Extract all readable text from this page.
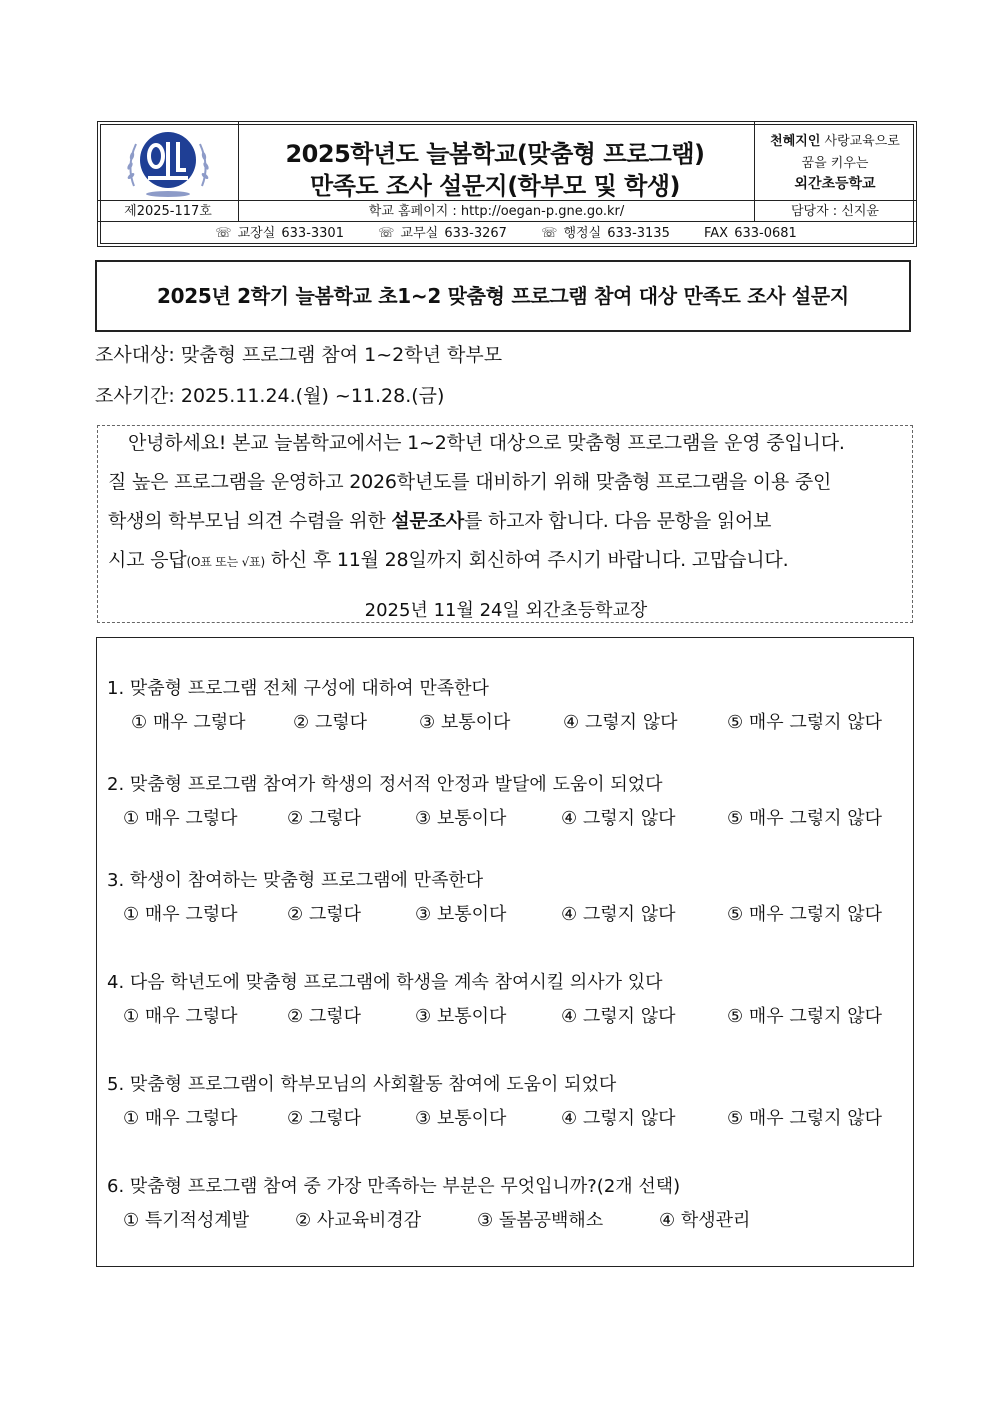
2025학년도 늘봄학교(맞춤형 프로그램)
만족도 조사 설문지(학부모 및 학생)
천혜지인 사랑교육으로
꿈을 키우는
외간초등학교
제2025-117호	학교 홈페이지 : http://oegan-p.gne.go.kr/	담당자 : 신지윤
☏ 교장실 633-3301	☏ 교무실 633-3267	☏ 행정실 633-3135	FAX 633-0681
2025년 2학기 늘봄학교 초1~2 맞춤형 프로그램 참여 대상 만족도 조사 설문지
조사대상: 맞춤형 프로그램 참여 1~2학년 학부모
조사기간: 2025.11.24.(월) ~11.28.(금)
안녕하세요! 본교 늘봄학교에서는 1~2학년 대상으로 맞춤형 프로그램을 운영 중입니다.
질 높은 프로그램을 운영하고 2026학년도를 대비하기 위해 맞춤형 프로그램을 이용 중인
학생의 학부모님 의견 수렴을 위한 설문조사를 하고자 합니다. 다음 문항을 읽어보
시고 응답(O표 또는 √표) 하신 후 11월 28일까지 회신하여 주시기 바랍니다. 고맙습니다.
2025년 11월 24일 외간초등학교장
1. 맞춤형 프로그램 전체 구성에 대하여 만족한다
① 매우 그렇다	② 그렇다	③ 보통이다	④ 그렇지 않다	⑤ 매우 그렇지 않다
2. 맞춤형 프로그램 참여가 학생의 정서적 안정과 발달에 도움이 되었다
① 매우 그렇다	② 그렇다	③ 보통이다	④ 그렇지 않다	⑤ 매우 그렇지 않다
3. 학생이 참여하는 맞춤형 프로그램에 만족한다
① 매우 그렇다	② 그렇다	③ 보통이다	④ 그렇지 않다	⑤ 매우 그렇지 않다
4. 다음 학년도에 맞춤형 프로그램에 학생을 계속 참여시킬 의사가 있다
① 매우 그렇다	② 그렇다	③ 보통이다	④ 그렇지 않다	⑤ 매우 그렇지 않다
5. 맞춤형 프로그램이 학부모님의 사회활동 참여에 도움이 되었다
① 매우 그렇다	② 그렇다	③ 보통이다	④ 그렇지 않다	⑤ 매우 그렇지 않다
6. 맞춤형 프로그램 참여 중 가장 만족하는 부분은 무엇입니까?(2개 선택)
① 특기적성계발	② 사교육비경감	③ 돌봄공백해소	④ 학생관리
